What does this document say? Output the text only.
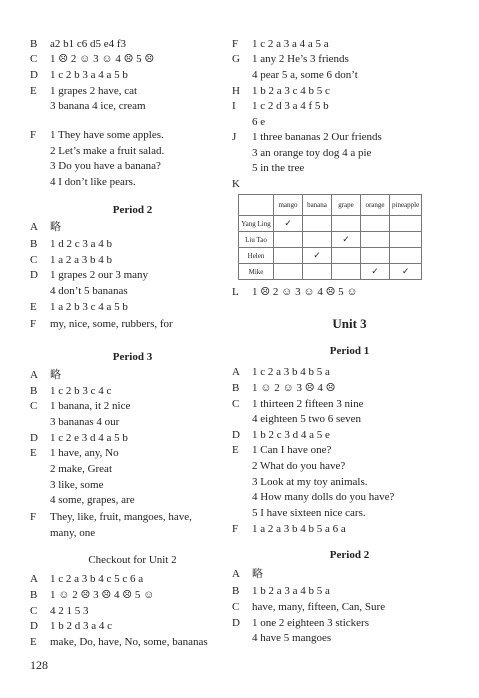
B a2 b1 c6 d5 e4 f3
C 1 ☹ 2 ☺ 3 ☺ 4 ☹ 5 ☹
D 1 c 2 b 3 a 4 a 5 b
E 1 grapes 2 have, cat
3 banana 4 ice, cream
F 1 They have some apples.
2 Let’s make a fruit salad.
3 Do you have a banana?
4 I don’t like pears.
A 略
B 1 d 2 c 3 a 4 b
C 1 a 2 a 3 b 4 b
D 1 grapes 2 our 3 many
4 don’t 5 bananas
E 1 a 2 b 3 c 4 a 5 b
F my, nice, some, rubbers, for
A 略
B 1 c 2 b 3 c 4 c
C 1 banana, it 2 nice
3 bananas 4 our
D 1 c 2 e 3 d 4 a 5 b
E 1 have, any, No
2 make, Great
3 like, some
4 some, grapes, are
F They, like, fruit, mangoes, have,
many, one
A 1 c 2 a 3 b 4 c 5 c 6 a
B 1 ☺ 2 ☹ 3 ☹ 4 ☹ 5 ☺
C 4 2 1 5 3
D 1 b 2 d 3 a 4 c
E make, Do, have, No, some, bananas
Period 2
Period 3
Checkout for Unit 2
	mango	banana	grape	orange	pineapple
Yang Ling	✓				
Liu Tao			✓		
Helen		✓			
Mike				✓	✓
F 1 c 2 a 3 a 4 a 5 a
G 1 any 2 He’s 3 friends
4 pear 5 a, some 6 don’t
H 1 b 2 a 3 c 4 b 5 c
I 1 c 2 d 3 a 4 f 5 b
6 e
J 1 three bananas 2 Our friends
3 an orange toy dog 4 a pie
5 in the tree
K
L 1 ☹ 2 ☺ 3 ☺ 4 ☹ 5 ☺
A 1 c 2 a 3 b 4 b 5 a
B 1 ☺ 2 ☺ 3 ☹ 4 ☹
C 1 thirteen 2 fifteen 3 nine
4 eighteen 5 two 6 seven
D 1 b 2 c 3 d 4 a 5 e
E 1 Can I have one?
2 What do you have?
3 Look at my toy animals.
4 How many dolls do you have?
5 I have sixteen nice cars.
F 1 a 2 a 3 b 4 b 5 a 6 a
A 略
B 1 b 2 a 3 a 4 b 5 a
C have, many, fifteen, Can, Sure
D 1 one 2 eighteen 3 stickers
4 have 5 mangoes
Unit 3
Period 1
Period 2
128
